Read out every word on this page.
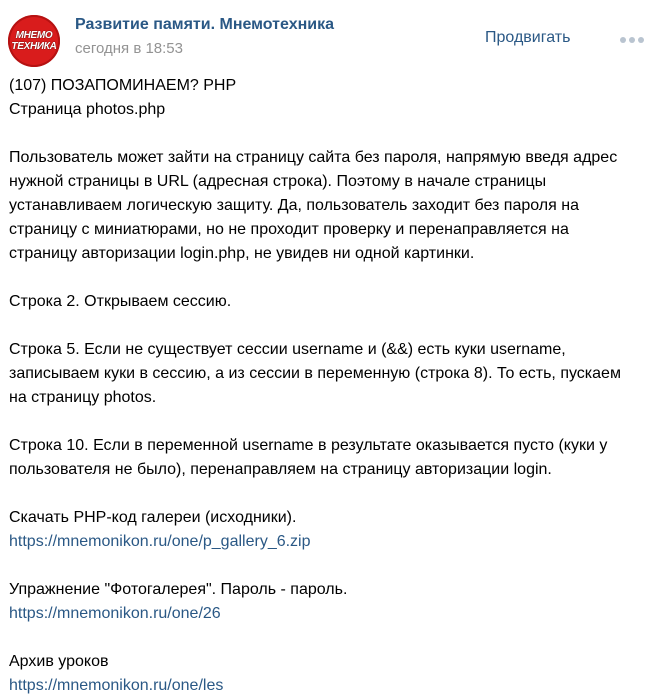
МНЕМО
ТЕХНИКА
Развитие памяти. Мнемотехника
сегодня в 18:53
Продвигать
(107) ПОЗАПОМИНАЕМ? PHP
Страница photos.php
Пользователь может зайти на страницу сайта без пароля, напрямую введя адрес
нужной страницы в URL (адресная строка). Поэтому в начале страницы
устанавливаем логическую защиту. Да, пользователь заходит без пароля на
страницу с миниатюрами, но не проходит проверку и перенаправляется на
страницу авторизации login.php, не увидев ни одной картинки.
Строка 2. Открываем сессию.
Строка 5. Если не существует сессии username и (&&) есть куки username,
записываем куки в сессию, а из сессии в переменную (строка 8). То есть, пускаем
на страницу photos.
Строка 10. Если в переменной username в результате оказывается пусто (куки у
пользователя не было), перенаправляем на страницу авторизации login.
Скачать PHP-код галереи (исходники).
https://mnemonikon.ru/one/p_gallery_6.zip
Упражнение "Фотогалерея". Пароль - пароль.
https://mnemonikon.ru/one/26
Архив уроков
https://mnemonikon.ru/one/les
